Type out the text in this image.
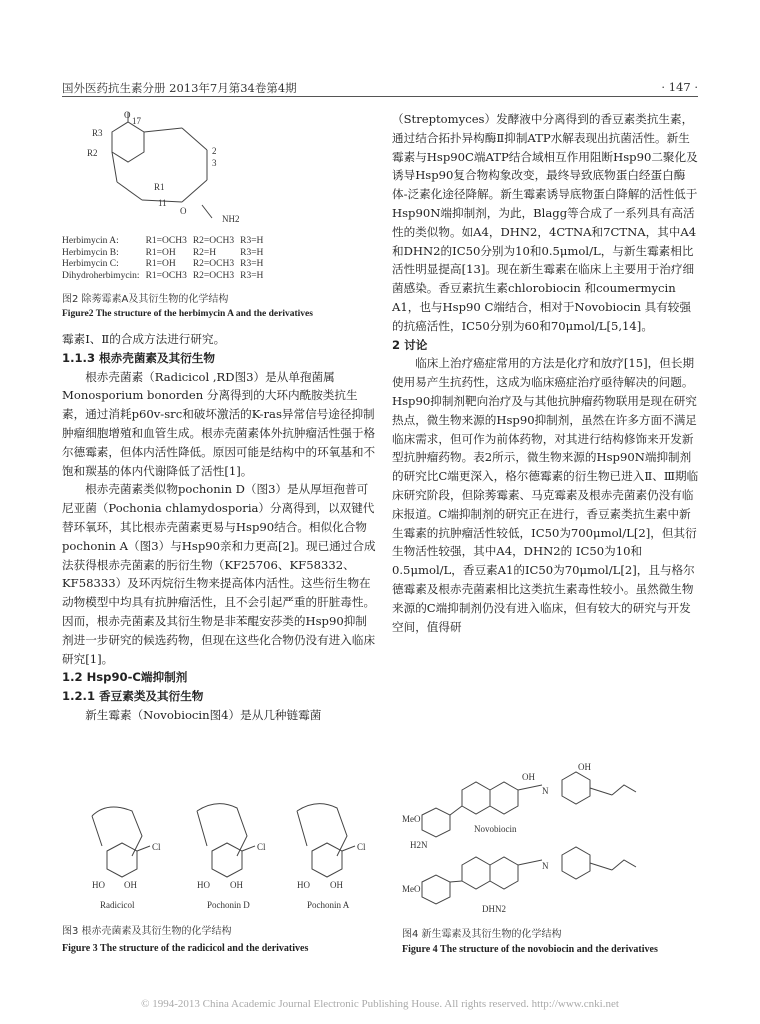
国外医药抗生素分册 2013年7月第34卷第4期	· 147 ·
O
17
R3
R2	2
3
R1
11
NH2
O
Herbimycin A:	R1=OCH3	R2=OCH3	R3=H
Herbimycin B:	R1=OH	R2=H	R3=H
Herbimycin C:	R1=OH	R2=OCH3	R3=H
Dihydroherbimycin:	R1=OCH3	R2=OCH3	R3=H
图2 除莠霉素A及其衍生物的化学结构
Figure2 The structure of the herbimycin A and the derivatives

霉素Ⅰ、Ⅱ的合成方法进行研究。

1.1.3 根赤壳菌素及其衍生物

根赤壳菌素（Radicicol ,RD图3）是从单孢菌属Monosporium bonorden 分离得到的大环内酰胺类抗生素，通过消耗p60v-src和破坏激活的K-ras异常信号途径抑制肿瘤细胞增殖和血管生成。根赤壳菌素体外抗肿瘤活性强于格尔德霉素，但体内活性降低。原因可能是结构中的环氧基和不饱和羰基的体内代谢降低了活性[1]。

根赤壳菌素类似物pochonin D（图3）是从厚垣孢普可尼亚菌（Pochonia chlamydosporia）分离得到，以双键代替环氧环，其比根赤壳菌素更易与Hsp90结合。相似化合物pochonin A（图3）与Hsp90亲和力更高[2]。现已通过合成法获得根赤壳菌素的肟衍生物（KF25706、KF58332、KF58333）及环丙烷衍生物来提高体内活性。这些衍生物在动物模型中均具有抗肿瘤活性，且不会引起严重的肝脏毒性。因而，根赤壳菌素及其衍生物是非苯醌安莎类的Hsp90抑制剂进一步研究的候选药物，但现在这些化合物仍没有进入临床研究[1]。

1.2 Hsp90-C端抑制剂

1.2.1 香豆素类及其衍生物

新生霉素（Novobiocin图4）是从几种链霉菌

Cl
HO OH
Cl
HO OH
Cl
HO OH
Radicicol	Pochonin D	Pochonin A
图3 根赤壳菌素及其衍生物的化学结构
Figure 3 The structure of the radicicol and the derivatives

（Streptomyces）发酵液中分离得到的香豆素类抗生素，通过结合拓扑异构酶Ⅱ抑制ATP水解表现出抗菌活性。新生霉素与Hsp90C端ATP结合域相互作用阻断Hsp90二聚化及诱导Hsp90复合物构象改变，最终导致底物蛋白经蛋白酶体-泛素化途径降解。新生霉素诱导底物蛋白降解的活性低于Hsp90N端抑制剂，为此，Blagg等合成了一系列具有高活性的类似物。如A4，DHN2，4CTNA和7CTNA，其中A4和DHN2的IC50分别为10和0.5μmol/L，与新生霉素相比活性明显提高[13]。现在新生霉素在临床上主要用于治疗细菌感染。香豆素抗生素chlorobiocin 和coumermycin A1，也与Hsp90 C端结合，相对于Novobiocin 具有较强的抗癌活性，IC50分别为60和70μmol/L[5,14]。

2 讨论

临床上治疗癌症常用的方法是化疗和放疗[15]，但长期使用易产生抗药性，这成为临床癌症治疗亟待解决的问题。Hsp90抑制剂靶向治疗及与其他抗肿瘤药物联用是现在研究热点，微生物来源的Hsp90抑制剂，虽然在许多方面不满足临床需求，但可作为前体药物，对其进行结构修饰来开发新型抗肿瘤药物。表2所示，微生物来源的Hsp90N端抑制剂的研究比C端更深入，格尔德霉素的衍生物已进入Ⅱ、Ⅲ期临床研究阶段，但除莠霉素、马克霉素及根赤壳菌素仍没有临床报道。C端抑制剂的研究正在进行，香豆素类抗生素中新生霉素的抗肿瘤活性较低，IC50为700μmol/L[2]，但其衍生物活性较强，其中A4，DHN2的 IC50为10和0.5μmol/L，香豆素A1的IC50为70μmol/L[2]，且与格尔德霉素及根赤壳菌素相比这类抗生素毒性较小。虽然微生物来源的C端抑制剂仍没有进入临床，但有较大的研究与开发空间，值得研

OH
N
OH
MeO
H2N
Novobiocin
N
MeO
DHN2
图4 新生霉素及其衍生物的化学结构
Figure 4 The structure of the novobiocin and the derivatives
© 1994-2013 China Academic Journal Electronic Publishing House. All rights reserved. http://www.cnki.net
